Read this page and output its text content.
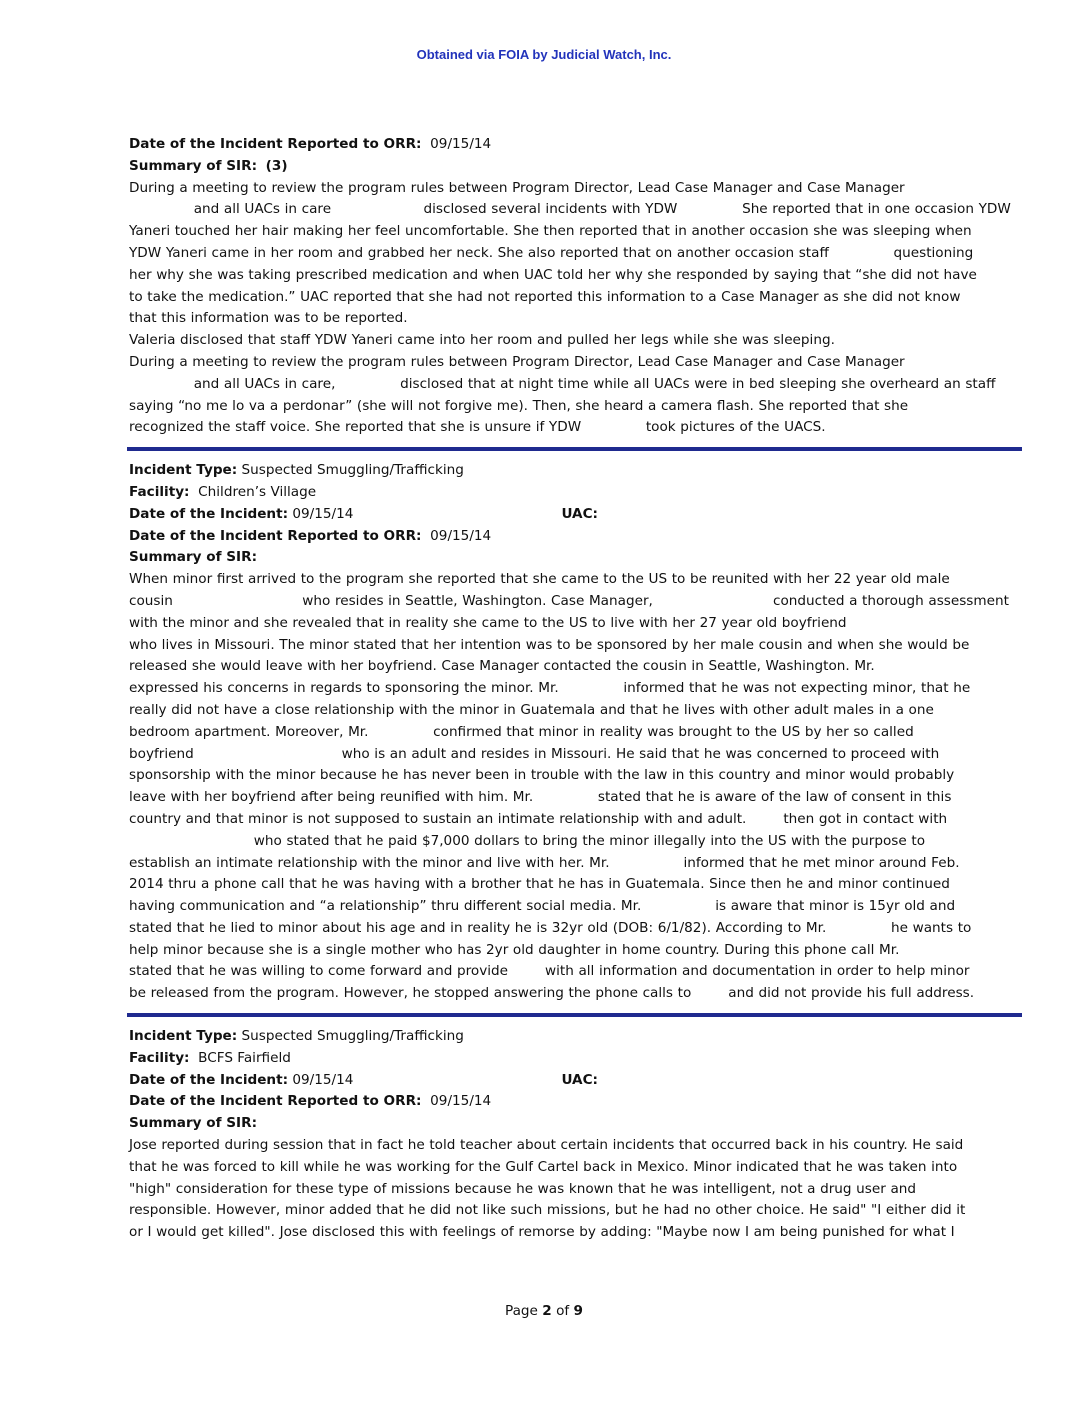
Obtained via FOIA by Judicial Watch, Inc.
Date of the Incident Reported to ORR: 09/15/14
Summary of SIR: (3)

During a meeting to review the program rules between Program Director, Lead Case Manager and Case Manager

and all UACs in care                    disclosed several incidents with YDW              She reported that in one occasion YDW

Yaneri touched her hair making her feel uncomfortable. She then reported that in another occasion she was sleeping when

YDW Yaneri came in her room and grabbed her neck. She also reported that on another occasion staff              questioning

her why she was taking prescribed medication and when UAC told her why she responded by saying that “she did not have

to take the medication.” UAC reported that she had not reported this information to a Case Manager as she did not know

that this information was to be reported.

Valeria disclosed that staff YDW Yaneri came into her room and pulled her legs while she was sleeping.

During a meeting to review the program rules between Program Director, Lead Case Manager and Case Manager

and all UACs in care,              disclosed that at night time while all UACs were in bed sleeping she overheard an staff

saying “no me lo va a perdonar” (she will not forgive me). Then, she heard a camera flash. She reported that she

recognized the staff voice. She reported that she is unsure if YDW              took pictures of the UACS.

Incident Type: Suspected Smuggling/Trafficking
Facility: Children’s Village
Date of the Incident: 09/15/14	UAC:
Date of the Incident Reported to ORR: 09/15/14
Summary of SIR:

When minor first arrived to the program she reported that she came to the US to be reunited with her 22 year old male

cousin                            who resides in Seattle, Washington. Case Manager,                          conducted a thorough assessment

with the minor and she revealed that in reality she came to the US to live with her 27 year old boyfriend

who lives in Missouri. The minor stated that her intention was to be sponsored by her male cousin and when she would be

released she would leave with her boyfriend. Case Manager contacted the cousin in Seattle, Washington. Mr.

expressed his concerns in regards to sponsoring the minor. Mr.              informed that he was not expecting minor, that he

really did not have a close relationship with the minor in Guatemala and that he lives with other adult males in a one

bedroom apartment. Moreover, Mr.              confirmed that minor in reality was brought to the US by her so called

boyfriend                                who is an adult and resides in Missouri. He said that he was concerned to proceed with

sponsorship with the minor because he has never been in trouble with the law in this country and minor would probably

leave with her boyfriend after being reunified with him. Mr.              stated that he is aware of the law of consent in this

country and that minor is not supposed to sustain an intimate relationship with and adult.        then got in contact with

who stated that he paid $7,000 dollars to bring the minor illegally into the US with the purpose to

establish an intimate relationship with the minor and live with her. Mr.                informed that he met minor around Feb.

2014 thru a phone call that he was having with a brother that he has in Guatemala. Since then he and minor continued

having communication and “a relationship” thru different social media. Mr.                is aware that minor is 15yr old and

stated that he lied to minor about his age and in reality he is 32yr old (DOB: 6/1/82). According to Mr.              he wants to

help minor because she is a single mother who has 2yr old daughter in home country. During this phone call Mr.

stated that he was willing to come forward and provide        with all information and documentation in order to help minor

be released from the program. However, he stopped answering the phone calls to        and did not provide his full address.

Incident Type: Suspected Smuggling/Trafficking
Facility: BCFS Fairfield
Date of the Incident: 09/15/14	UAC:
Date of the Incident Reported to ORR: 09/15/14
Summary of SIR:

Jose reported during session that in fact he told teacher about certain incidents that occurred back in his country. He said

that he was forced to kill while he was working for the Gulf Cartel back in Mexico. Minor indicated that he was taken into

"high" consideration for these type of missions because he was known that he was intelligent, not a drug user and

responsible. However, minor added that he did not like such missions, but he had no other choice. He said" "I either did it

or I would get killed". Jose disclosed this with feelings of remorse by adding: "Maybe now I am being punished for what I

Page 2 of 9
